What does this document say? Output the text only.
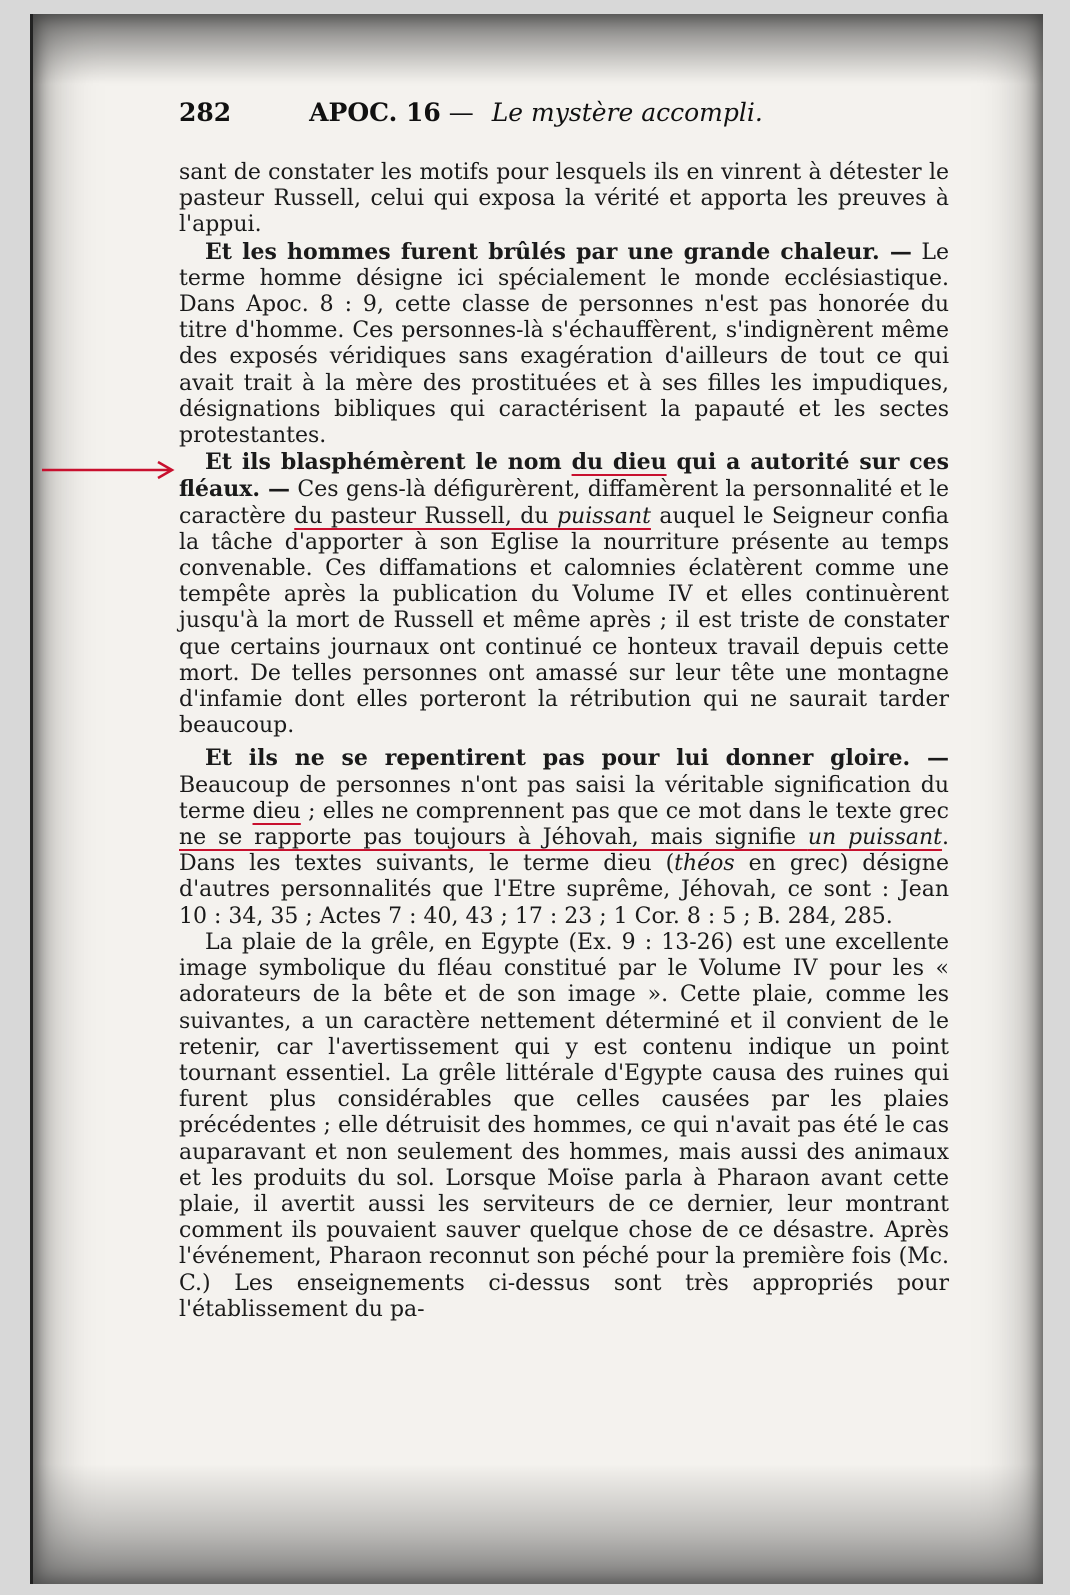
282	APOC. 16 — Le mystère accompli.

sant de constater les motifs pour lesquels ils en vinrent à détester le pasteur Russell, celui qui exposa la vérité et apporta les preuves à l'appui.

Et les hommes furent brûlés par une grande chaleur. — Le terme homme désigne ici spécialement le monde ecclésiastique. Dans Apoc. 8 : 9, cette classe de personnes n'est pas honorée du titre d'homme. Ces personnes-là s'échauffèrent, s'indignèrent même des exposés véridiques sans exagération d'ailleurs de tout ce qui avait trait à la mère des prostituées et à ses filles les impudiques, désignations bibliques qui caractérisent la papauté et les sectes protestantes.

Et ils blasphémèrent le nom du dieu qui a autorité sur ces fléaux. — Ces gens-là défigurèrent, diffamèrent la personnalité et le caractère du pasteur Russell, du puissant auquel le Seigneur confia la tâche d'apporter à son Eglise la nourriture présente au temps convenable. Ces diffamations et calomnies éclatèrent comme une tempête après la publication du Volume IV et elles continuèrent jusqu'à la mort de Russell et même après ; il est triste de constater que certains journaux ont continué ce honteux travail depuis cette mort. De telles personnes ont amassé sur leur tête une montagne d'infamie dont elles porteront la rétribution qui ne saurait tarder beaucoup.

Et ils ne se repentirent pas pour lui donner gloire. — Beaucoup de personnes n'ont pas saisi la véritable signification du terme dieu ; elles ne comprennent pas que ce mot dans le texte grec ne se rapporte pas toujours à Jéhovah, mais signifie un puissant. Dans les textes suivants, le terme dieu (théos en grec) désigne d'autres personnalités que l'Etre suprême, Jéhovah, ce sont : Jean 10 : 34, 35 ; Actes 7 : 40, 43 ; 17 : 23 ; 1 Cor. 8 : 5 ; B. 284, 285.

La plaie de la grêle, en Egypte (Ex. 9 : 13-26) est une excellente image symbolique du fléau constitué par le Volume IV pour les « adorateurs de la bête et de son image ». Cette plaie, comme les suivantes, a un caractère nettement déterminé et il convient de le retenir, car l'avertissement qui y est contenu indique un point tournant essentiel. La grêle littérale d'Egypte causa des ruines qui furent plus considérables que celles causées par les plaies précédentes ; elle détruisit des hommes, ce qui n'avait pas été le cas auparavant et non seulement des hommes, mais aussi des animaux et les produits du sol. Lorsque Moïse parla à Pharaon avant cette plaie, il avertit aussi les serviteurs de ce dernier, leur montrant comment ils pouvaient sauver quelque chose de ce désastre. Après l'événement, Pharaon reconnut son péché pour la première fois (Mc. C.) Les enseignements ci-dessus sont très appropriés pour l'établissement du pa-
